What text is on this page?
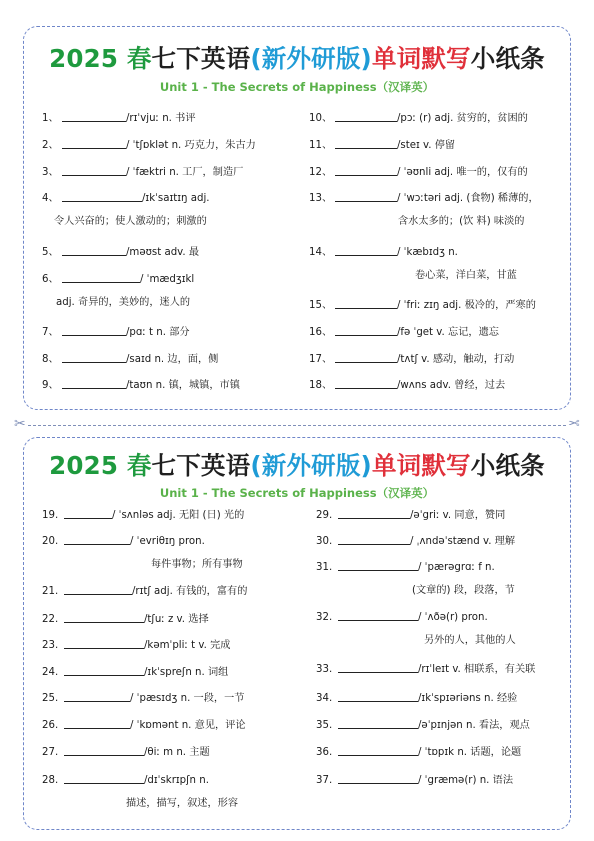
2025 春七下英语(新外研版)单词默写小纸条
Unit 1 - The Secrets of Happiness（汉译英）
1、	/rɪˈvjuː n. 书评
2、	/ ˈtʃɒklət n. 巧克力，朱古力
3、	/ ˈfæktri n. 工厂，制造厂
4、	/ɪkˈsaɪtɪŋ adj.
令人兴奋的；使人激动的；刺激的
5、	/məʊst adv. 最
6、	/ ˈmædʒɪkl
adj. 奇异的，美妙的，迷人的
7、	/pɑː t n. 部分
8、	/saɪd n. 边，面，侧
9、	/taʊn n. 镇，城镇，市镇
10、	/pɔː (r) adj. 贫穷的，贫困的
11、	/steɪ v. 停留
12、	/ ˈəʊnli adj. 唯一的，仅有的
13、	/ ˈwɔːtəri adj. (食物) 稀薄的，
含水太多的；(饮 料) 味淡的
14、	/ ˈkæbɪdʒ n.
卷心菜，洋白菜，甘蓝
15、	/ ˈfriː zɪŋ adj. 极冷的，严寒的
16、	/fə ˈget v. 忘记，遗忘
17、	/tʌtʃ v. 感动，触动，打动
18、	/wʌns adv. 曾经，过去
✂	✂
2025 春七下英语(新外研版)单词默写小纸条
Unit 1 - The Secrets of Happiness（汉译英）
19.	/ ˈsʌnləs adj. 无阳 (日) 光的
20.	/ ˈevriθɪŋ pron.
每件事物；所有事物
21.	/rɪtʃ adj. 有钱的，富有的
22.	/tʃuː z v. 选择
23.	/kəmˈpliː t v. 完成
24.	/ɪkˈspreʃn n. 词组
25.	/ ˈpæsɪdʒ n. 一段，一节
26.	/ ˈkɒmənt n. 意见，评论
27.	/θiː m n. 主题
28.	/dɪˈskrɪpʃn n.
描述，描写，叙述，形容
29.	/əˈgriː v. 同意，赞同
30.	/ ˌʌndəˈstænd v. 理解
31.	/ ˈpærəgrɑː f n.
(文章的) 段，段落，节
32.	/ ˈʌðə(r) pron.
另外的人，其他的人
33.	/rɪˈleɪt v. 相联系，有关联
34.	/ɪkˈspɪəriəns n. 经验
35.	/əˈpɪnjən n. 看法，观点
36.	/ ˈtɒpɪk n. 话题，论题
37.	/ ˈgræmə(r) n. 语法
